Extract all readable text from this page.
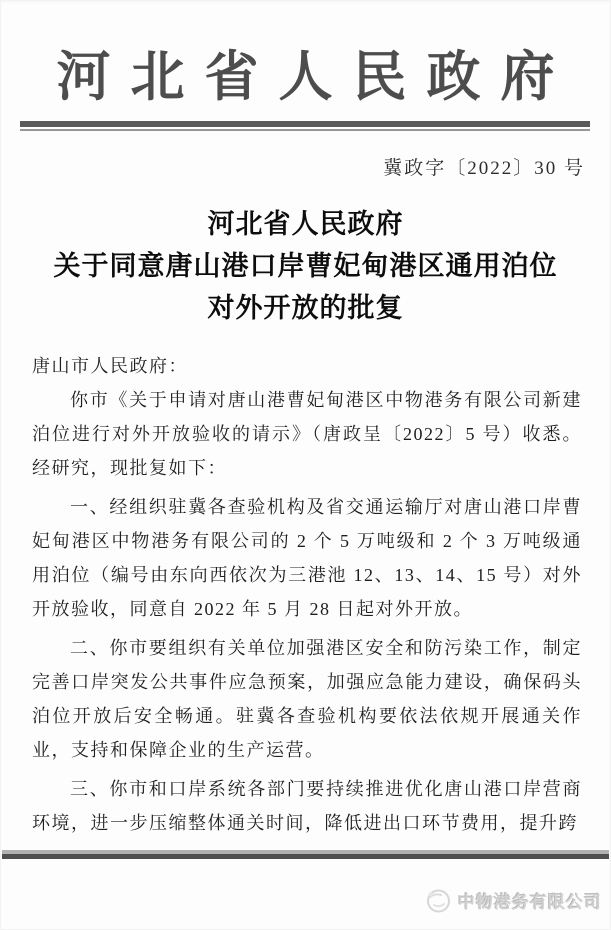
河北省人民政府
冀政字〔2022〕30 号
河北省人民政府
关于同意唐山港口岸曹妃甸港区通用泊位
对外开放的批复

唐山市人民政府：

你市《关于申请对唐山港曹妃甸港区中物港务有限公司新建泊位进行对外开放验收的请示》（唐政呈〔2022〕5 号）收悉。经研究，现批复如下：

一、经组织驻冀各查验机构及省交通运输厅对唐山港口岸曹妃甸港区中物港务有限公司的 2 个 5 万吨级和 2 个 3 万吨级通用泊位（编号由东向西依次为三港池 12、13、14、15 号）对外开放验收，同意自 2022 年 5 月 28 日起对外开放。

二、你市要组织有关单位加强港区安全和防污染工作，制定完善口岸突发公共事件应急预案，加强应急能力建设，确保码头泊位开放后安全畅通。驻冀各查验机构要依法依规开展通关作业，支持和保障企业的生产运营。

三、你市和口岸系统各部门要持续推进优化唐山港口岸营商环境，进一步压缩整体通关时间，降低进出口环节费用，提升跨

中物港务有限公司
